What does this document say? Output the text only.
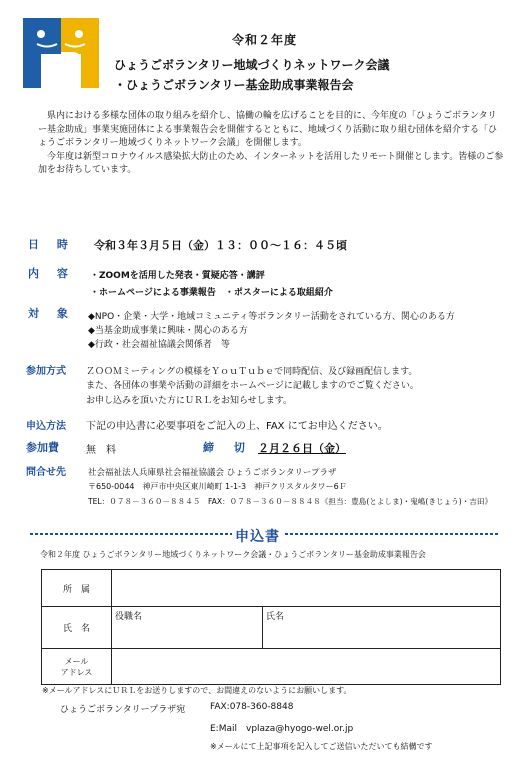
令和２年度
ひょうごボランタリー地域づくりネットワーク会議
・ひょうごボランタリー基金助成事業報告会

県内における多様な団体の取り組みを紹介し、協働の輪を広げることを目的に、今年度の「ひょうごボランタリー基金助成」事業実施団体による事業報告会を開催するとともに、地域づくり活動に取り組む団体を紹介する「ひょうごボランタリー地域づくりネットワーク会議」を開催します。

今年度は新型コロナウイルス感染拡大防止のため、インターネットを活用したリモート開催とします。皆様のご参加をお待ちしています。

日 時 令和３年３月５日（金）１３：００～１６：４５頃
内 容 ・ZOOMを活用した発表・質疑応答・講評
・ホームページによる事業報告　・ポスターによる取組紹介
対 象 ◆NPO・企業・大学・地域コミュニティ等ボランタリー活動をされている方、関心のある方
◆当基金助成事業に興味・関心のある方
◆行政・社会福祉協議会関係者　等
参加方式 ＺＯＯＭミーティングの模様をＹｏｕＴｕｂｅで同時配信、及び録画配信します。
また、各団体の事業や活動の詳細をホームページに記載しますのでご覧ください。
お申し込みを頂いた方にＵＲＬをお知らせします。
申込方法 下記の申込書に必要事項をご記入の上、FAX にてお申込ください。
参加費	無　料	締 切 ２月２６日（金）
問合せ先	社会福祉法人兵庫県社会福祉協議会 ひょうごボランタリープラザ
〒650-0044　神戸市中央区東川崎町 1-1-3　神戸クリスタルタワー6Ｆ
TEL：０７８－３６０－８８４５　FAX：０７８－３６０－８８４８《担当：豊島(とよしま)・鬼嶋(きじょう)・吉田》
申込書
令和２年度 ひょうごボランタリー地域づくりネットワーク会議・ひょうごボランタリー基金助成事業報告会
所　属		
氏　名	役職名	氏名
メール
アドレス		
※メールアドレスにＵＲＬをお送りしますので、お間違えのないようにお願いします。
ひょうごボランタリープラザ宛	FAX:078-360-8848
E:Mail　vplaza@hyogo-wel.or.jp
※メールにて上記事項を記入してご送信いただいても結構です
